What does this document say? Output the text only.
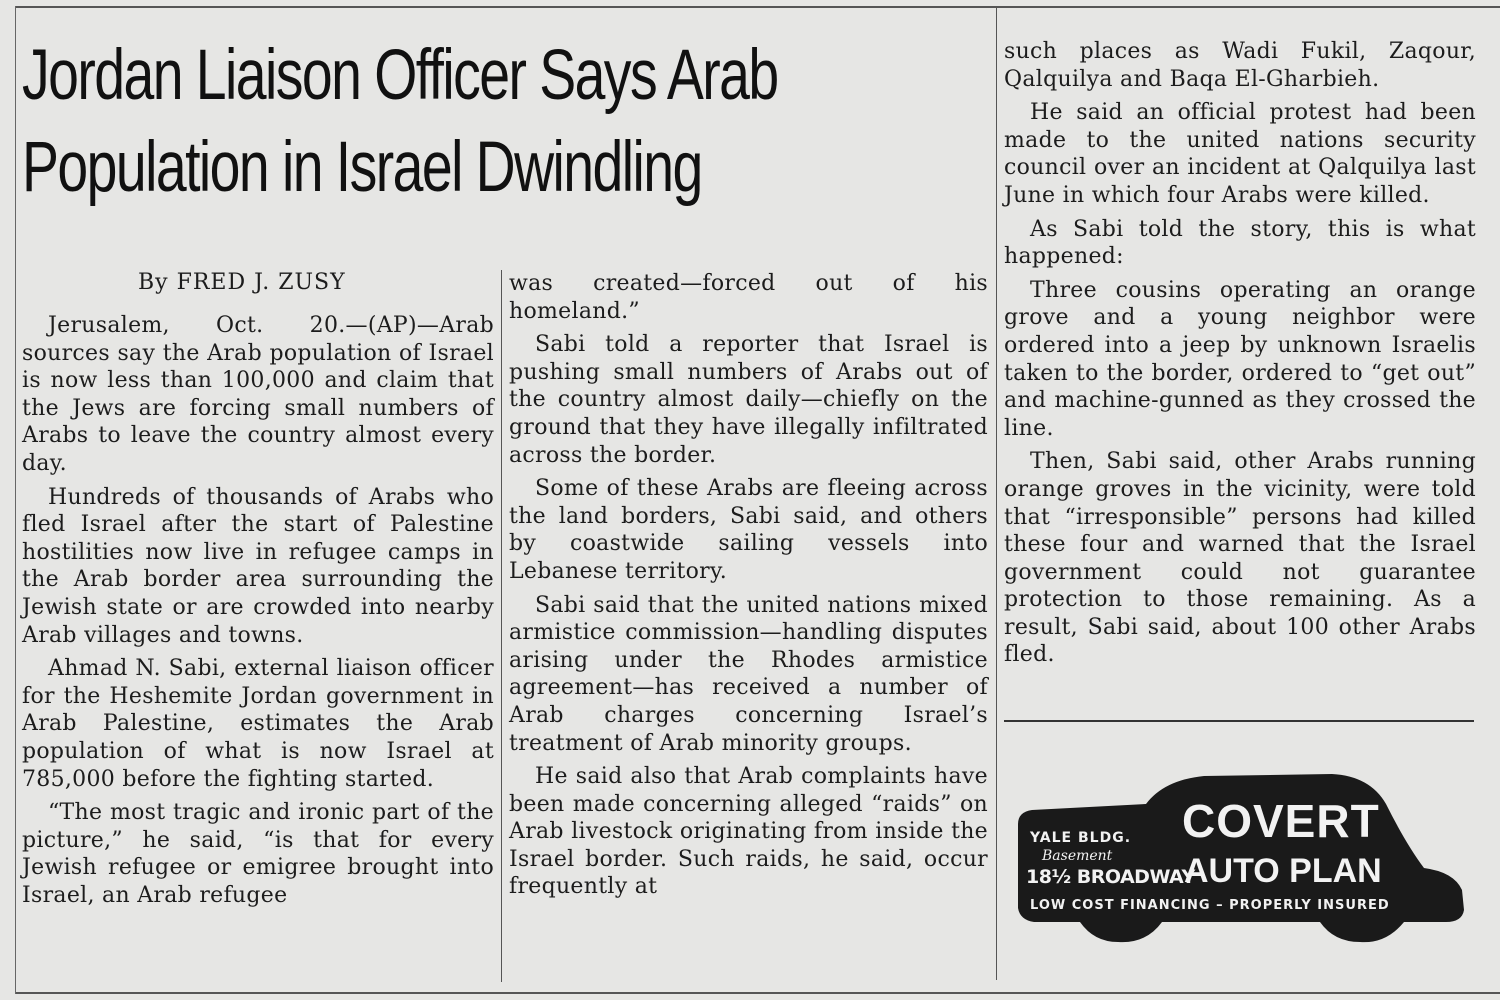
Jordan Liaison Officer Says Arab
Population in Israel Dwindling
By FRED J. ZUSY

Jerusalem, Oct. 20.—(AP)—Arab sources say the Arab population of Israel is now less than 100,000 and claim that the Jews are forcing small numbers of Arabs to leave the country almost every day.

Hundreds of thousands of Arabs who fled Israel after the start of Palestine hostilities now live in refugee camps in the Arab border area surrounding the Jewish state or are crowded into nearby Arab villages and towns.

Ahmad N. Sabi, external liaison officer for the Heshemite Jordan government in Arab Palestine, estimates the Arab population of what is now Israel at 785,000 before the fighting started.

“The most tragic and ironic part of the picture,” he said, “is that for every Jewish refugee or emigree brought into Israel, an Arab refugee

was created—forced out of his homeland.”

Sabi told a reporter that Israel is pushing small numbers of Arabs out of the country almost daily—chiefly on the ground that they have illegally infiltrated across the border.

Some of these Arabs are fleeing across the land borders, Sabi said, and others by coastwide sailing vessels into Lebanese territory.

Sabi said that the united nations mixed armistice commission—handling disputes arising under the Rhodes armistice agreement—has received a number of Arab charges concerning Israel’s treatment of Arab minority groups.

He said also that Arab complaints have been made concerning alleged “raids” on Arab livestock originating from inside the Israel border. Such raids, he said, occur frequently at

such places as Wadi Fukil, Zaqour, Qalquilya and Baqa El-Gharbieh.

He said an official protest had been made to the united nations security council over an incident at Qalquilya last June in which four Arabs were killed.

As Sabi told the story, this is what happened:

Three cousins operating an orange grove and a young neighbor were ordered into a jeep by unknown Israelis taken to the border, ordered to “get out” and machine-gunned as they crossed the line.

Then, Sabi said, other Arabs running orange groves in the vicinity, were told that “irresponsible” persons had killed these four and warned that the Israel government could not guarantee protection to those remaining. As a result, Sabi said, about 100 other Arabs fled.

YALE BLDG.
Basement
18½ BROADWAY
COVERT
AUTO PLAN
LOW COST FINANCING – PROPERLY INSURED
